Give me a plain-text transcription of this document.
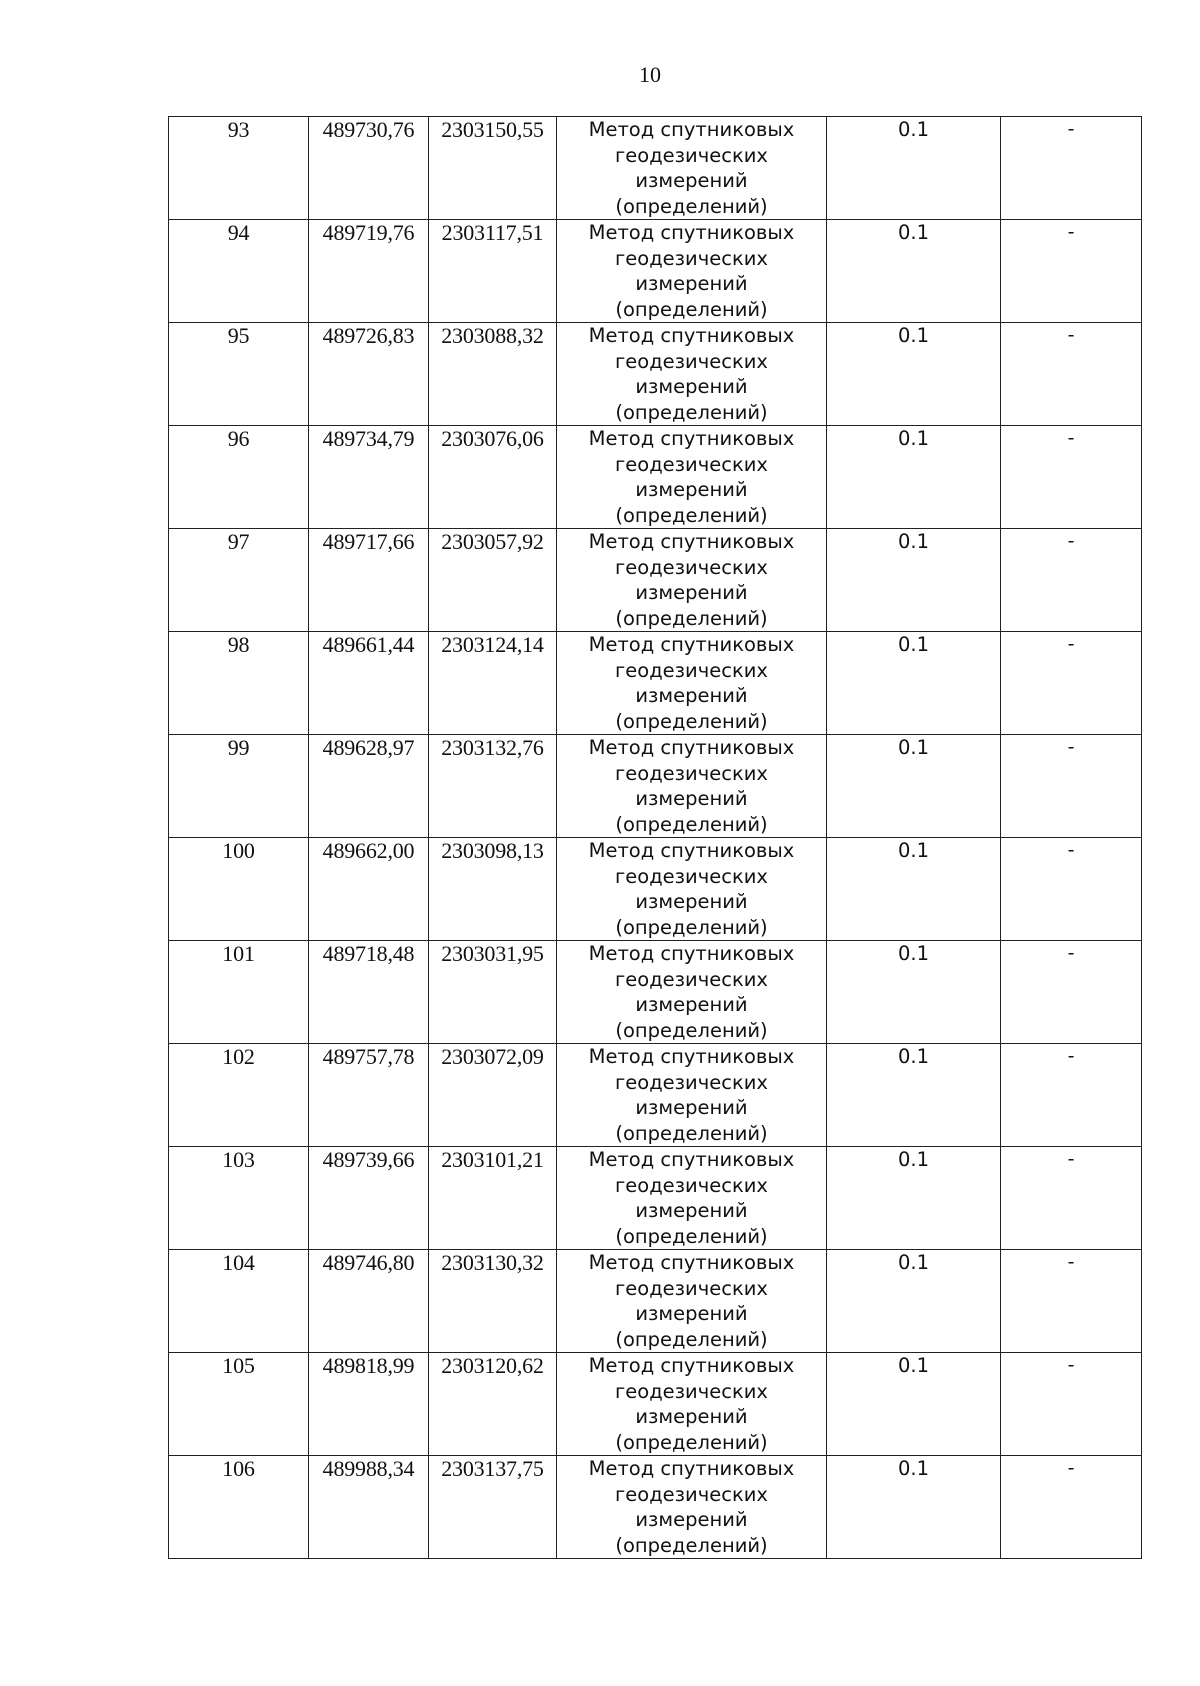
10
93	489730,76	2303150,55	Метод спутниковых
геодезических
измерений
(определений)	0.1	-
94	489719,76	2303117,51	Метод спутниковых
геодезических
измерений
(определений)	0.1	-
95	489726,83	2303088,32	Метод спутниковых
геодезических
измерений
(определений)	0.1	-
96	489734,79	2303076,06	Метод спутниковых
геодезических
измерений
(определений)	0.1	-
97	489717,66	2303057,92	Метод спутниковых
геодезических
измерений
(определений)	0.1	-
98	489661,44	2303124,14	Метод спутниковых
геодезических
измерений
(определений)	0.1	-
99	489628,97	2303132,76	Метод спутниковых
геодезических
измерений
(определений)	0.1	-
100	489662,00	2303098,13	Метод спутниковых
геодезических
измерений
(определений)	0.1	-
101	489718,48	2303031,95	Метод спутниковых
геодезических
измерений
(определений)	0.1	-
102	489757,78	2303072,09	Метод спутниковых
геодезических
измерений
(определений)	0.1	-
103	489739,66	2303101,21	Метод спутниковых
геодезических
измерений
(определений)	0.1	-
104	489746,80	2303130,32	Метод спутниковых
геодезических
измерений
(определений)	0.1	-
105	489818,99	2303120,62	Метод спутниковых
геодезических
измерений
(определений)	0.1	-
106	489988,34	2303137,75	Метод спутниковых
геодезических
измерений
(определений)	0.1	-
